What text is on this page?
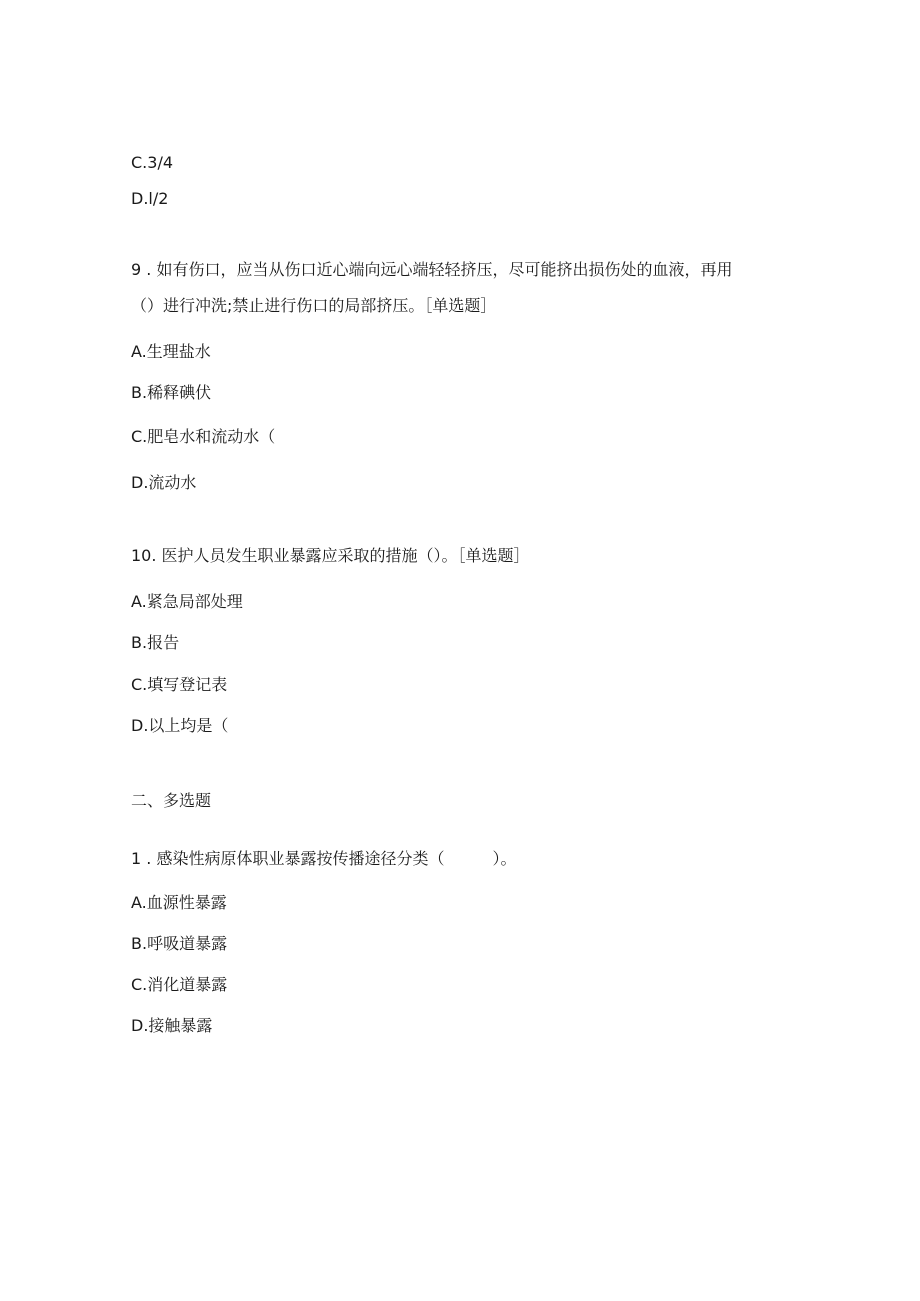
C.3/4
D.l/2
9 . 如有伤口，应当从伤口近心端向远心端轻轻挤压，尽可能挤出损伤处的血液，再用
（）进行冲洗;禁止进行伤口的局部挤压。［单选题］
A.生理盐水
B.稀释碘伏
C.肥皂水和流动水（
D.流动水
10. 医护人员发生职业暴露应采取的措施（）。［单选题］
A.紧急局部处理
B.报告
C.填写登记表
D.以上均是（
二、多选题
1 . 感染性病原体职业暴露按传播途径分类（　　　）。
A.血源性暴露
B.呼吸道暴露
C.消化道暴露
D.接触暴露
